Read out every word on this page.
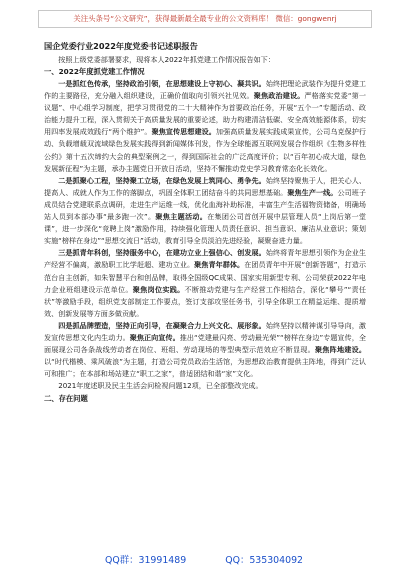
关注头条号“公文研究”，获得最新最全最专业的公文资料库！ 微信：gongwenrj
国企党委行业2022年度党委书记述职报告

按照上级党委部署要求，现将本人2022年抓党建工作情况报告如下：

一、2022年度抓党建工作情况

一是抓红色传承，坚持政治引领，在思想建设上守初心、凝共识。始终把理论武装作为提升党建工作的主要路径，充分融入组织建设，正确价值取向引领兴社见效。聚焦政治建设。严格落实党委“第一议题”、中心组学习制度，把学习贯彻党的二十大精神作为首要政治任务，开展“五个一”专题活动、政治能力提升工程，深入贯彻关于高质量发展的重要论述，助力构建清洁低碳、安全高效能源体系，切实用四率发展成效践行“两个维护”。聚焦宣传思想建设。加强高质量发展实践成果宣传，公司乌克保护行动、负载增载双流域绿色发展实践得到新闻媒体刊发，作为全球能源互联网发展合作组织《生物多样性公约》第十五次缔约大会的典型案例之一，得到国际社会的广泛高度评价；以“百年初心成大道，绿色发展新征程”为主题，承办主题党日开放日活动，坚持不懈推动党史学习教育常态化长效化。

二是抓聚心工程，坚持聚工立场，在绿色发展上筑同心、勇争先。始终坚持聚焦于人，把关心人、提高人、成就人作为工作的落脚点，巩固全体职工团结奋斗的共同思想基础。聚焦生产一线。公司班子成员结合党建联系点调研，走进生产运维一线，优化血海补助标准，丰富生产生活福物资储备，明确场站人员到本部办事“最多跑一次”。聚焦主题活动。在集团公司首创开展中层管理人员“上岗后第一堂课”，进一步深化“竞聘上岗”激励作用，持续强化管理人员责任意识、担当意识、廉洁从业意识；策划实施“榜样在身边”“思想交流日”活动，教育引导全员淡泊先进经验，凝聚奋进力量。

三是抓青年科创，坚持服务中心，在建功立业上强信心、创发展。始终将青年思想引领作为企业生产经营不偏离，激励职工比学赶超、建功立业。聚焦青年群体。在团员青年中开展“创新答题”，打造示范台自主创新，如朱智慧平台和创品牌，取得全国级QC成果、国家实用新型专利、公司荣获2022年电力企业班组建设示范单位。聚焦岗位实践。不断推动党建与生产经营工作相结合，深化“攀号”“责任状”等激励手段，组织党支部制定工作要点，签订支部攻坚任务书，引导全体职工在精益运维、提质增效、创新发展等方面多做贡献。

四是抓品牌塑造，坚持正向引导，在凝聚合力上兴文化、展形象。始终坚持以精神谋引导导向，激发宣传思想文化内生动力。聚焦正向宣传。推出“党建最闪亮、劳动最光荣”“榜样在身边”专题宣传，全面展现公司各条战线劳动者在岗位、班组、劳动现场的等型典型示范效应不断显现。聚焦阵地建设。以“时代楷模、乘风破浪”为主题，打造公司党员政治生活馆，为思想政治教育提供主阵地，得到广泛认可和推广；在本部和场站建立“职工之家”，普适团结和谐“家”文化。

2021年度述职及民主生活会问检视问题12项，已全部整改完成。

二、存在问题
QQ群：31991489	QQ：535304092
